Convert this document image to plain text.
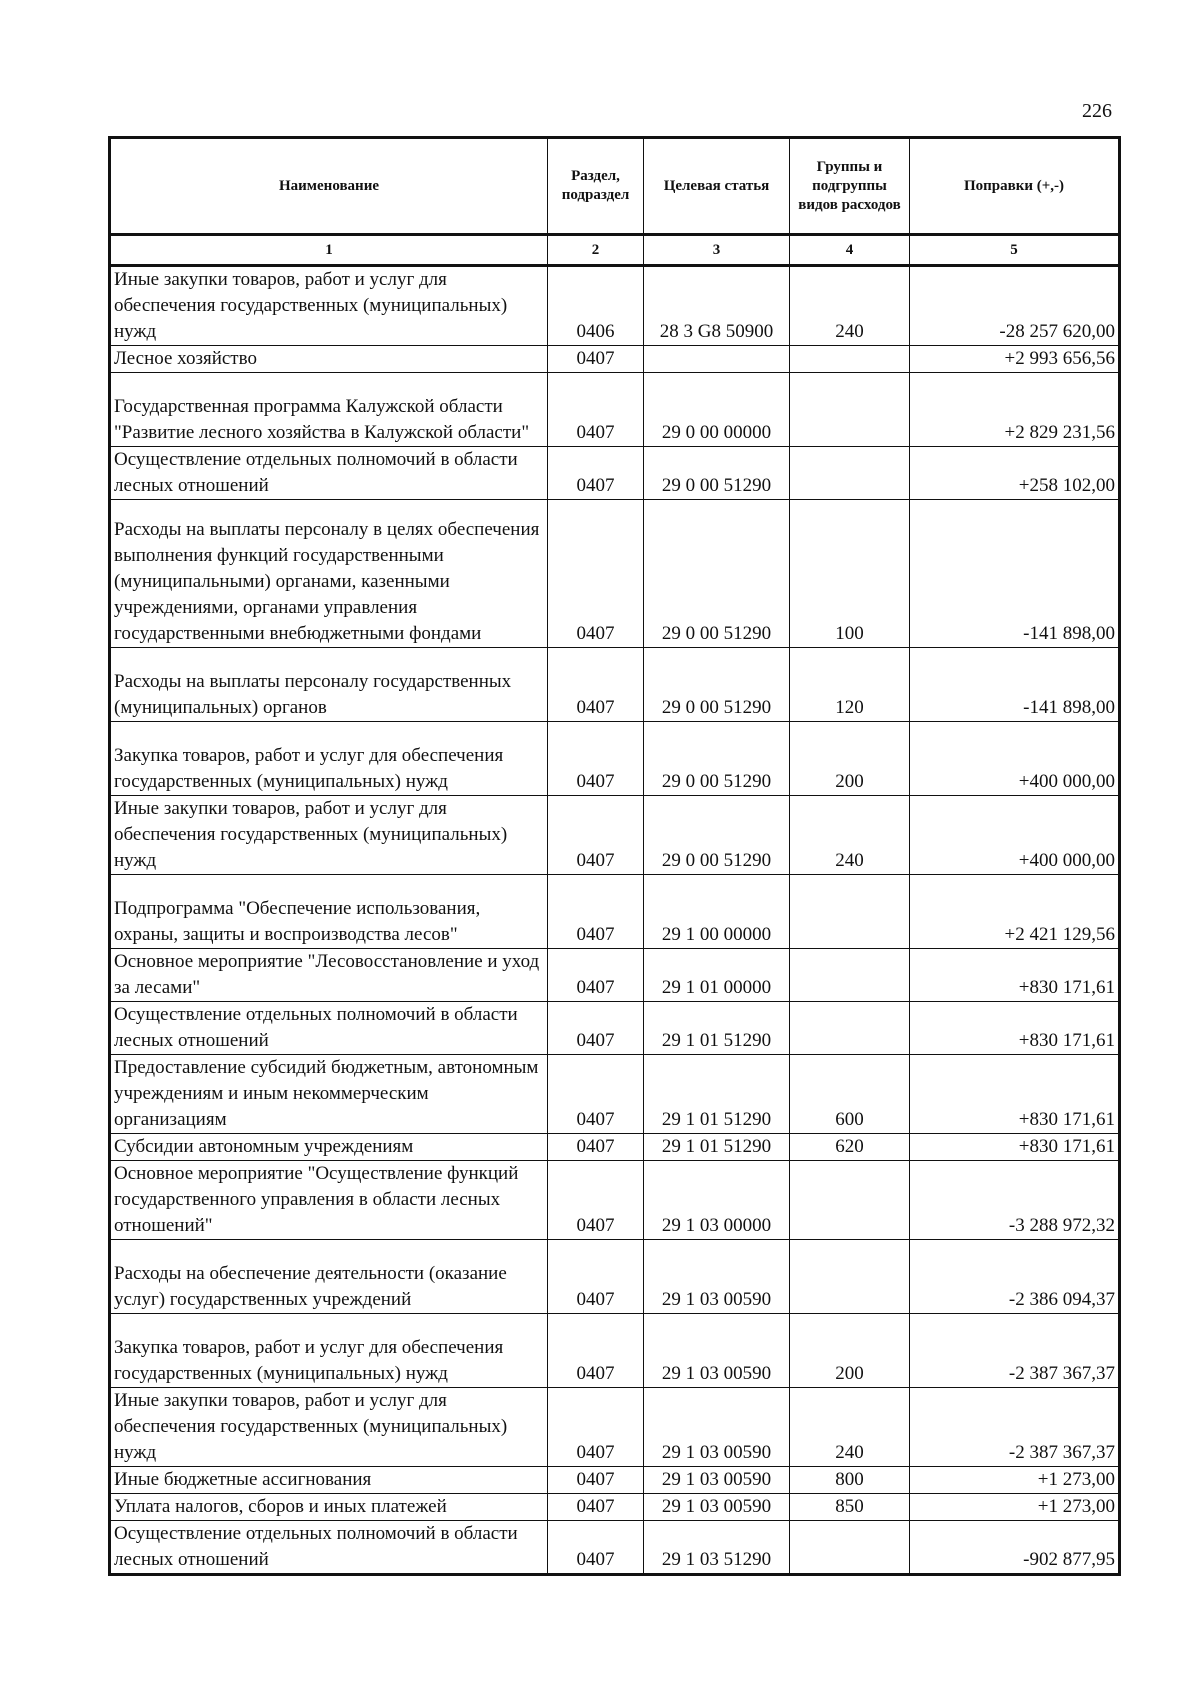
226
Наименование	Раздел, подраздел	Целевая статья	Группы и подгруппы видов расходов	Поправки (+,-)
1	2	3	4	5
Иные закупки товаров, работ и услуг для обеспечения государственных (муниципальных) нужд	0406	28 3 G8 50900	240	-28 257 620,00
Лесное хозяйство	0407			+2 993 656,56
Государственная программа Калужской области "Развитие лесного хозяйства в Калужской области"	0407	29 0 00 00000		+2 829 231,56
Осуществление отдельных полномочий в области лесных отношений	0407	29 0 00 51290		+258 102,00
Расходы на выплаты персоналу в целях обеспечения выполнения функций государственными (муниципальными) органами, казенными учреждениями, органами управления государственными внебюджетными фондами	0407	29 0 00 51290	100	-141 898,00
Расходы на выплаты персоналу государственных (муниципальных) органов	0407	29 0 00 51290	120	-141 898,00
Закупка товаров, работ и услуг для обеспечения государственных (муниципальных) нужд	0407	29 0 00 51290	200	+400 000,00
Иные закупки товаров, работ и услуг для обеспечения государственных (муниципальных) нужд	0407	29 0 00 51290	240	+400 000,00
Подпрограмма "Обеспечение использования, охраны, защиты и воспроизводства лесов"	0407	29 1 00 00000		+2 421 129,56
Основное мероприятие "Лесовосстановление и уход за лесами"	0407	29 1 01 00000		+830 171,61
Осуществление отдельных полномочий в области лесных отношений	0407	29 1 01 51290		+830 171,61
Предоставление субсидий бюджетным, автономным учреждениям и иным некоммерческим организациям	0407	29 1 01 51290	600	+830 171,61
Субсидии автономным учреждениям	0407	29 1 01 51290	620	+830 171,61
Основное мероприятие "Осуществление функций государственного управления в области лесных отношений"	0407	29 1 03 00000		-3 288 972,32
Расходы на обеспечение деятельности (оказание услуг) государственных учреждений	0407	29 1 03 00590		-2 386 094,37
Закупка товаров, работ и услуг для обеспечения государственных (муниципальных) нужд	0407	29 1 03 00590	200	-2 387 367,37
Иные закупки товаров, работ и услуг для обеспечения государственных (муниципальных) нужд	0407	29 1 03 00590	240	-2 387 367,37
Иные бюджетные ассигнования	0407	29 1 03 00590	800	+1 273,00
Уплата налогов, сборов и иных платежей	0407	29 1 03 00590	850	+1 273,00
Осуществление отдельных полномочий в области лесных отношений	0407	29 1 03 51290		-902 877,95
